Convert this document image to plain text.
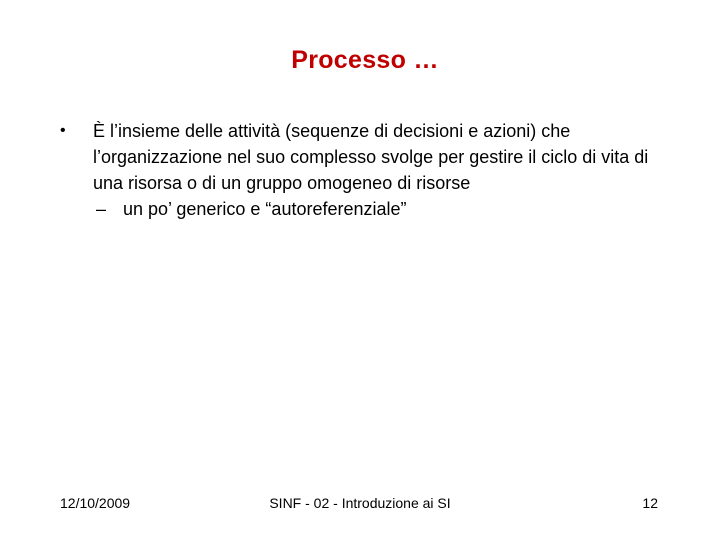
Processo …
•	È l’insieme delle attività (sequenze di decisioni e azioni) che l’organizzazione nel suo complesso svolge per gestire il ciclo di vita di una risorsa o di un gruppo omogeneo di risorse
– un po’ generico e “autoreferenziale”
12/10/2009	SINF - 02 - Introduzione ai SI	12
